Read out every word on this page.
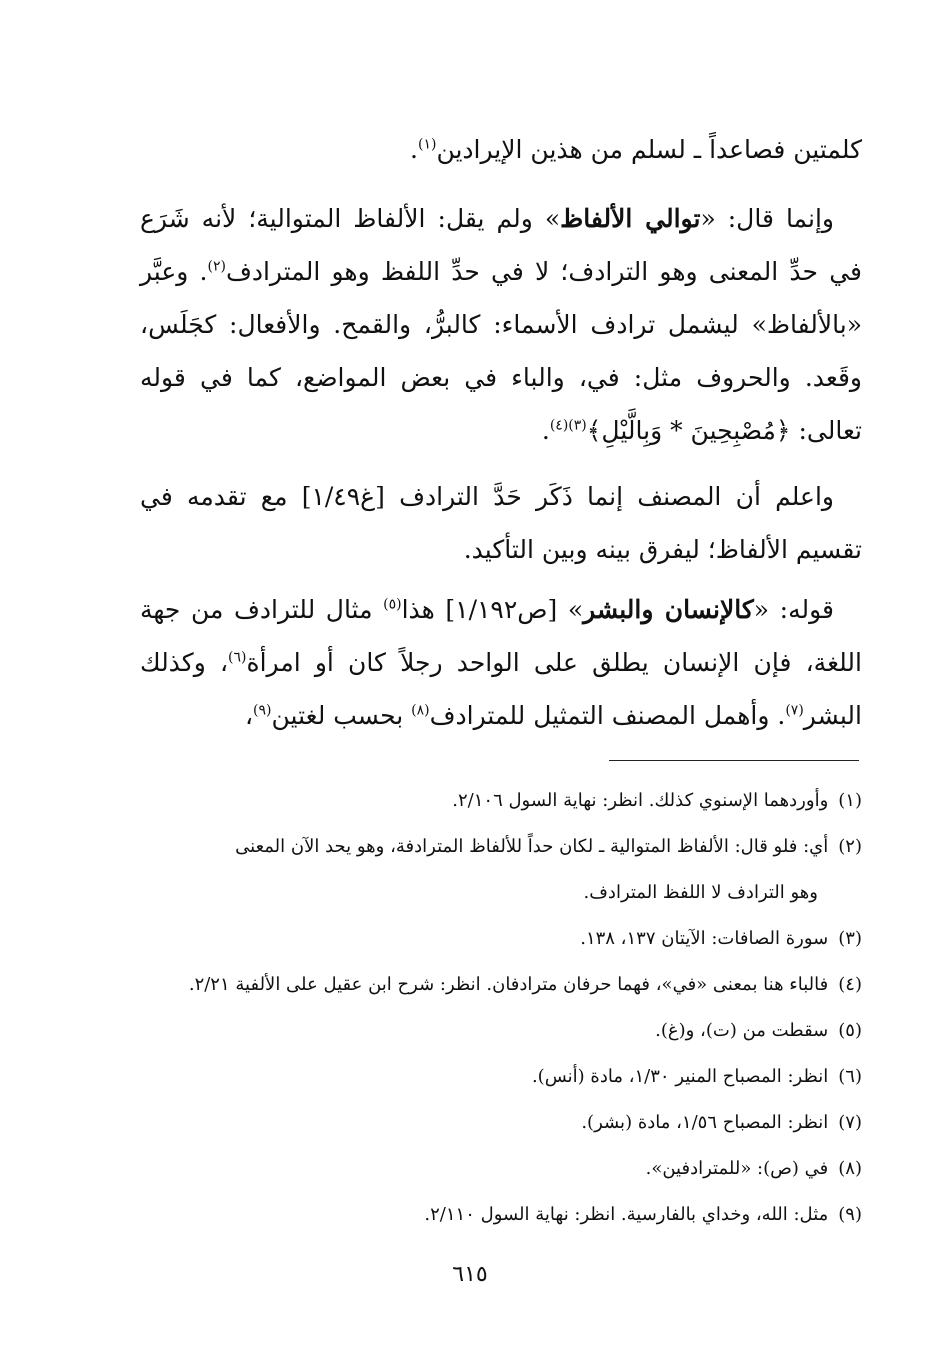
كلمتين فصاعداً ـ لسلم من هذين الإيرادين$^{(١)}$.

وإنما قال: «توالي الألفاظ» ولم يقل: الألفاظ المتوالية؛ لأنه شَرَع في حدِّ المعنى وهو الترادف؛ لا في حدِّ اللفظ وهو المترادف$^{(٢)}$. وعبَّر «بالألفاظ» ليشمل ترادف الأسماء: كالبرُّ، والقمح. والأفعال: كجَلَس، وقَعد. والحروف مثل: في، والباء في بعض المواضع، كما في قوله تعالى: ﴿مُصْبِحِينَ * وَبِالَّيْلِ﴾$^{(٣)(٤)}$.

واعلم أن المصنف إنما ذَكَر حَدَّ الترادف [غ١/٤٩] مع تقدمه في تقسيم الألفاظ؛ ليفرق بينه وبين التأكيد.

قوله: «كالإنسان والبشر» [ص١/١٩٢] هذا$^{(٥)}$ مثال للترادف من جهة اللغة، فإن الإنسان يطلق على الواحد رجلاً كان أو امرأة$^{(٦)}$، وكذلك البشر$^{(٧)}$. وأهمل المصنف التمثيل للمترادف$^{(٨)}$ بحسب لغتين$^{(٩)}$،

(١)وأوردهما الإسنوي كذلك. انظر: نهاية السول ٢/١٠٦.

(٢)أي: فلو قال: الألفاظ المتوالية ـ لكان حداً للألفاظ المترادفة، وهو يحد الآن المعنى

وهو الترادف لا اللفظ المترادف.

(٣)سورة الصافات: الآيتان ١٣٧، ١٣٨.

(٤)فالباء هنا بمعنى «في»، فهما حرفان مترادفان. انظر: شرح ابن عقيل على الألفية ٢/٢١.

(٥)سقطت من (ت)، و(غ).

(٦)انظر: المصباح المنير ١/٣٠، مادة (أنس).

(٧)انظر: المصباح ١/٥٦، مادة (بشر).

(٨)في (ص): «للمترادفين».

(٩)مثل: الله، وخداي بالفارسية. انظر: نهاية السول ٢/١١٠.

٦١٥
